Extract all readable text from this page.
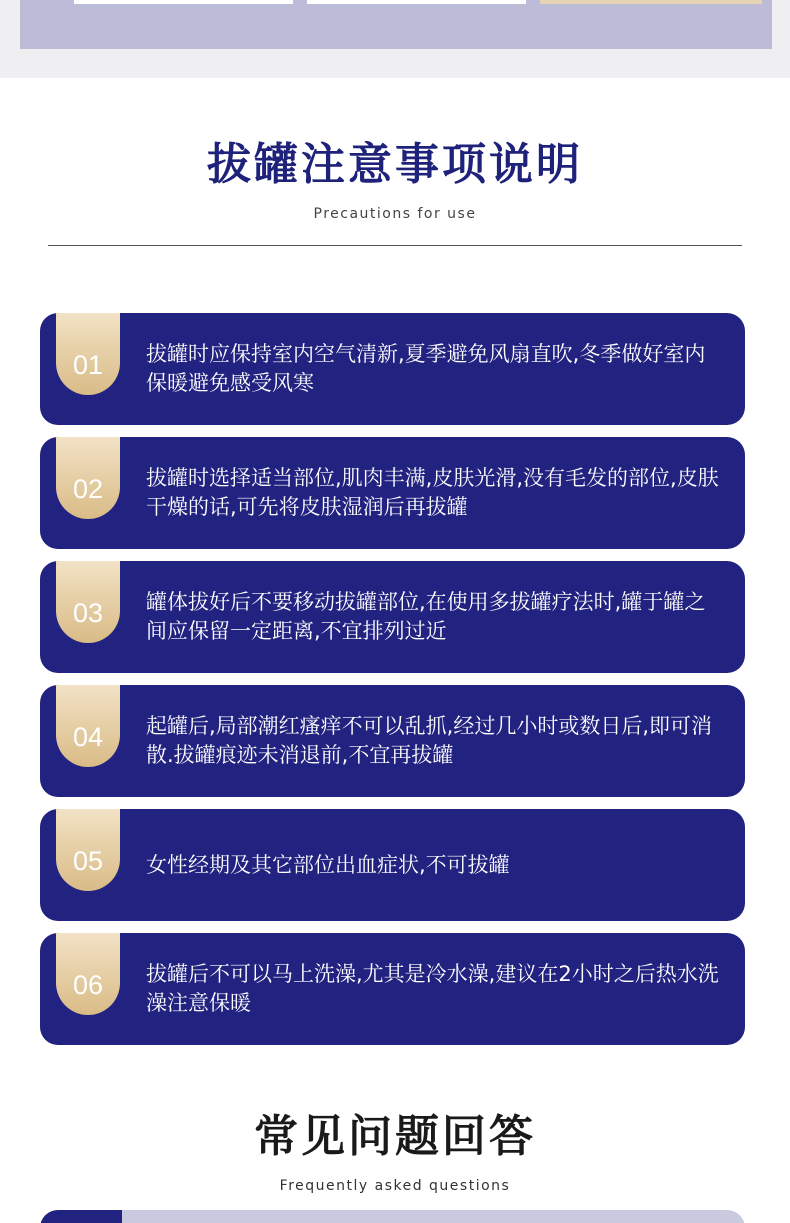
拔罐注意事项说明
Precautions for use
01	拔罐时应保持室内空气清新,夏季避免风扇直吹,冬季做好室内保暖避免感受风寒
02	拔罐时选择适当部位,肌肉丰满,皮肤光滑,没有毛发的部位,皮肤干燥的话,可先将皮肤湿润后再拔罐
03	罐体拔好后不要移动拔罐部位,在使用多拔罐疗法时,罐于罐之间应保留一定距离,不宜排列过近
04	起罐后,局部潮红瘙痒不可以乱抓,经过几小时或数日后,即可消散.拔罐痕迹未消退前,不宜再拔罐
05	女性经期及其它部位出血症状,不可拔罐
06	拔罐后不可以马上洗澡,尤其是冷水澡,建议在2小时之后热水洗澡注意保暖
常见问题回答
Frequently asked questions
